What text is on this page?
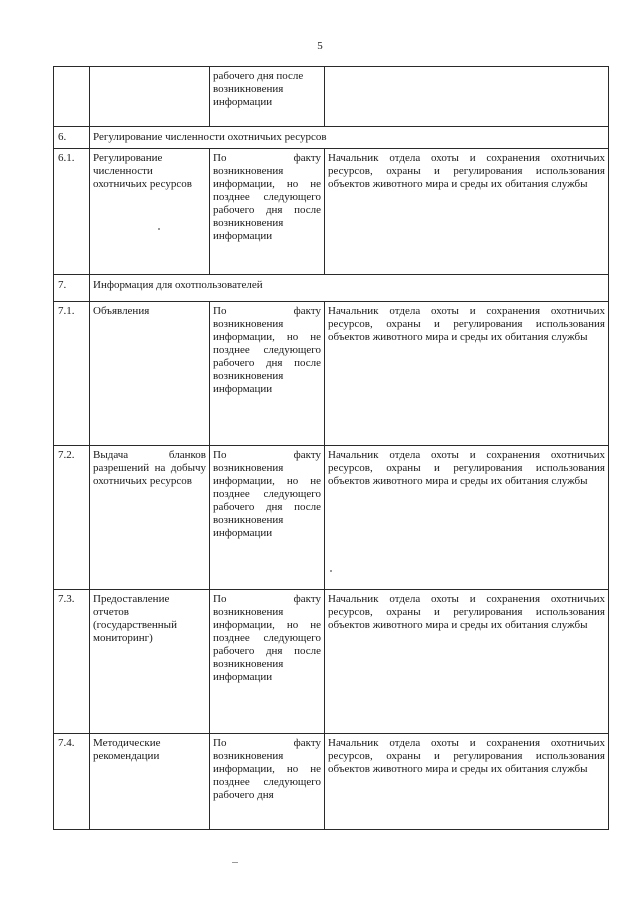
5
		рабочего дня после возникновения информации	
6.	Регулирование численности охотничьих ресурсов		
6.1.	Регулирование численности охотничьих ресурсов	По факту возникновения информации, но не позднее следующего рабочего дня после возникновения информации	Начальник отдела охоты и сохранения охотничьих ресурсов, охраны и регулирования использования объектов животного мира и среды их обитания службы
7.	Информация для охотпользователей		
7.1.	Объявления	По факту возникновения информации, но не позднее следующего рабочего дня после возникновения информации	Начальник отдела охоты и сохранения охотничьих ресурсов, охраны и регулирования использования объектов животного мира и среды их обитания службы
7.2.	Выдача бланков разрешений на добычу охотничьих ресурсов	По факту возникновения информации, но не позднее следующего рабочего дня после возникновения информации	Начальник отдела охоты и сохранения охотничьих ресурсов, охраны и регулирования использования объектов животного мира и среды их обитания службы
7.3.	Предоставление отчетов (государственный мониторинг)	По факту возникновения информации, но не позднее следующего рабочего дня после возникновения информации	Начальник отдела охоты и сохранения охотничьих ресурсов, охраны и регулирования использования объектов животного мира и среды их обитания службы
7.4.	Методические рекомендации	По факту возникновения информации, но не позднее следующего рабочего дня	Начальник отдела охоты и сохранения охотничьих ресурсов, охраны и регулирования использования объектов животного мира и среды их обитания службы
